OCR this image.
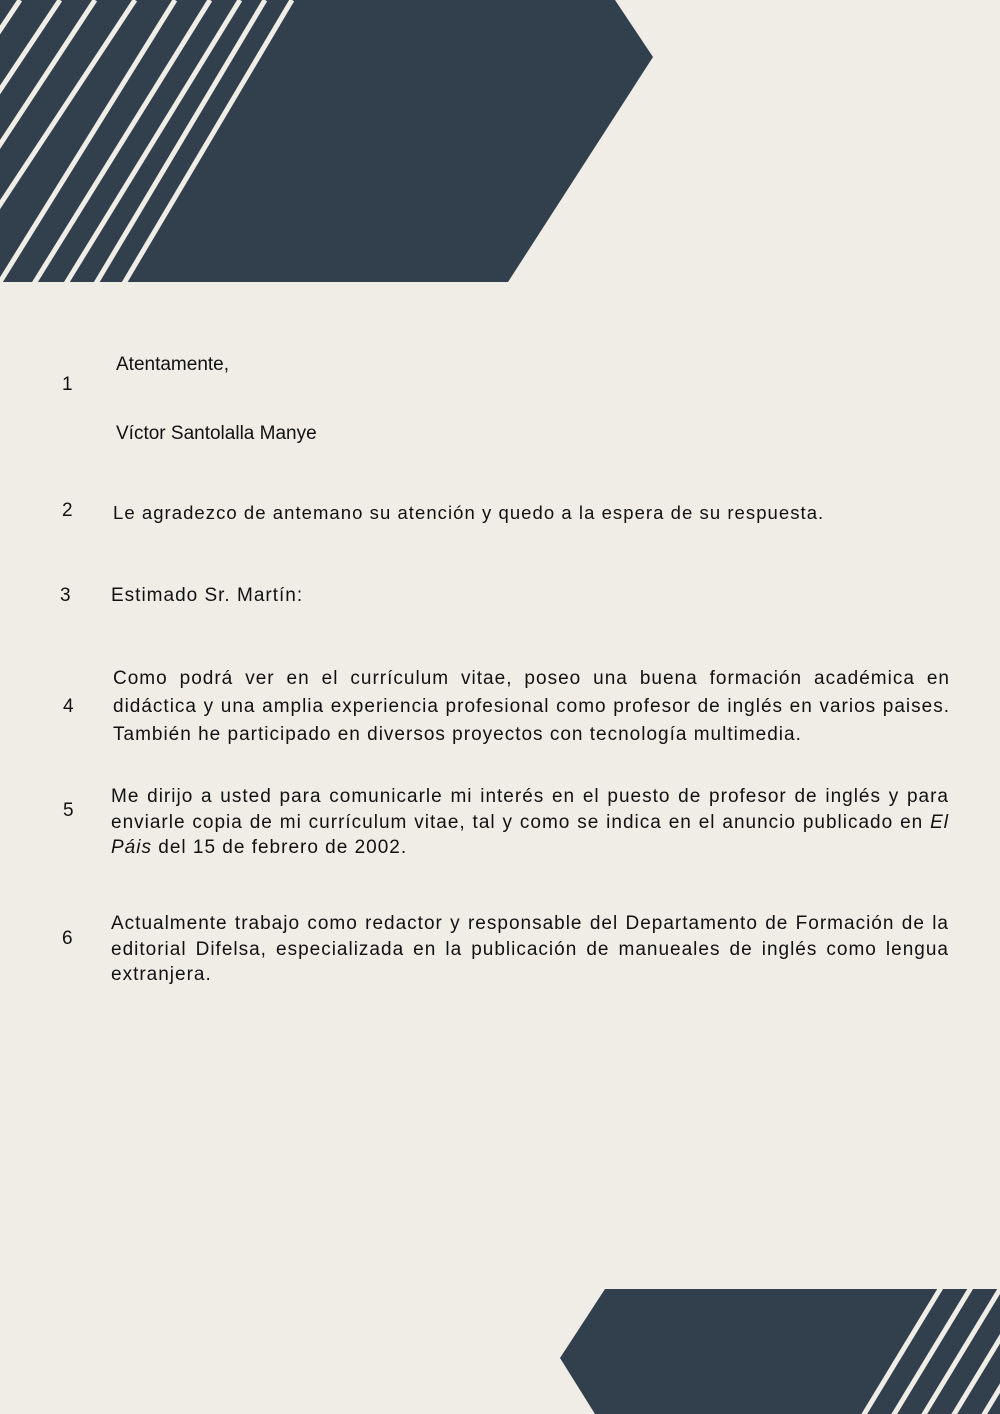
1
Atentamente,
Víctor Santolalla Manye
2 Le agradezco de antemano su atención y quedo a la espera de su respuesta.
3 Estimado Sr. Martín:
4
Como podrá ver en el currículum vitae, poseo una buena formación académica en didáctica y una amplia experiencia profesional como profesor de inglés en varios paises. También he participado en diversos proyectos con tecnología multimedia.
5
Me dirijo a usted para comunicarle mi interés en el puesto de profesor de inglés y para enviarle copia de mi currículum vitae, tal y como se indica en el anuncio publicado en El Páis del 15 de febrero de 2002.
6
Actualmente trabajo como redactor y responsable del Departamento de Formación de la editorial Difelsa, especializada en la publicación de manueales de inglés como lengua extranjera.
